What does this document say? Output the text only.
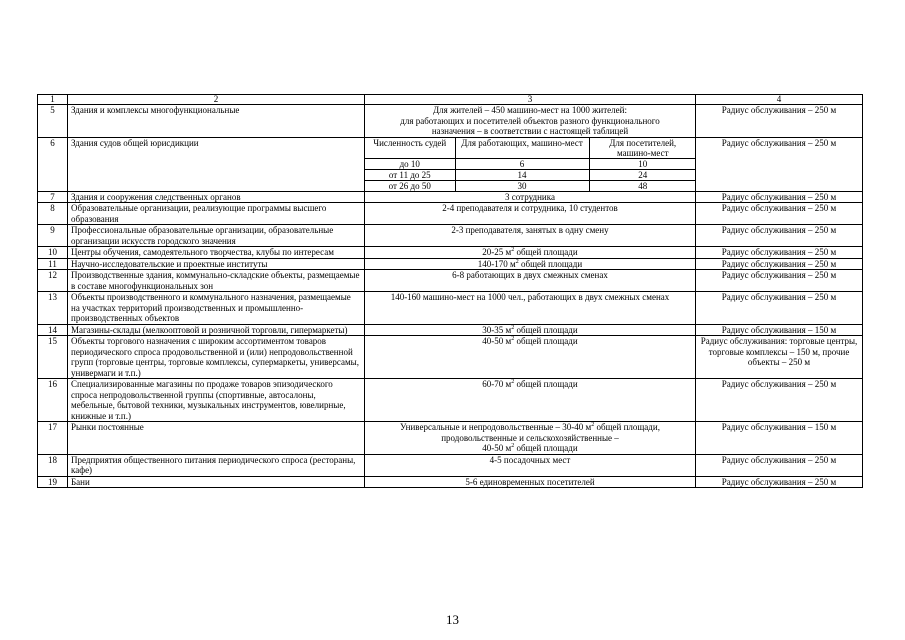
1	2	3	4
5	Здания и комплексы многофункциональные	Для жителей – 450 машино-мест на 1000 жителей:
для работающих и посетителей объектов разного функционального
назначения – в соответствии с настоящей таблицей
	Радиус обслуживания – 250 м
6	Здания судов общей юрисдикции		Численность судей	Для работающих, машино-мест	Для посетителей, машино-мест
до 10	6	10
от 11 до 25	14	24
от 26 до 50	30	48
	Радиус обслуживания – 250 м
7	Здания и сооружения следственных органов	3 сотрудника	Радиус обслуживания – 250 м
8	Образовательные организации, реализующие программы высшего образования	2-4 преподавателя и сотрудника, 10 студентов	Радиус обслуживания – 250 м
9	Профессиональные образовательные организации, образовательные организации искусств городского значения	2-3 преподавателя, занятых в одну смену	Радиус обслуживания – 250 м
10	Центры обучения, самодеятельного творчества, клубы по интересам	20-25 $м^2$ общей площади	Радиус обслуживания – 250 м
11	Научно-исследовательские и проектные институты	140-170 $м^2$ общей площади	Радиус обслуживания – 250 м
12	Производственные здания, коммунально-складские объекты, размещаемые в составе многофункциональных зон	6-8 работающих в двух смежных сменах	Радиус обслуживания – 250 м
13	Объекты производственного и коммунального назначения, размещаемые на участках территорий производственных и промышленно-производственных объектов	140-160 машино-мест на 1000 чел., работающих в двух смежных сменах	Радиус обслуживания – 250 м
14	Магазины-склады (мелкооптовой и розничной торговли, гипермаркеты)	30-35 $м^2$ общей площади	Радиус обслуживания – 150 м
15	Объекты торгового назначения с широким ассортиментом товаров периодического спроса продовольственной и (или) непродовольственной групп (торговые центры, торговые комплексы, супермаркеты, универсамы, универмаги и т.п.)	40-50 $м^2$ общей площади	Радиус обслуживания: торговые центры, торговые комплексы – 150 м, прочие объекты – 250 м
16	Специализированные магазины по продаже товаров эпизодического спроса непродовольственной группы (спортивные, автосалоны, мебельные, бытовой техники, музыкальных инструментов, ювелирные, книжные и т.п.)	60-70 $м^2$ общей площади	Радиус обслуживания – 250 м
17	Рынки постоянные	Универсальные и непродовольственные – 30-40 $м^2$ общей площади,
продовольственные и сельскохозяйственные –
40-50 $м^2$ общей площади
	Радиус обслуживания – 150 м
18	Предприятия общественного питания периодического спроса (рестораны, кафе)	4-5 посадочных мест	Радиус обслуживания – 250 м
19	Бани	5-6 единовременных посетителей	Радиус обслуживания – 250 м
13
